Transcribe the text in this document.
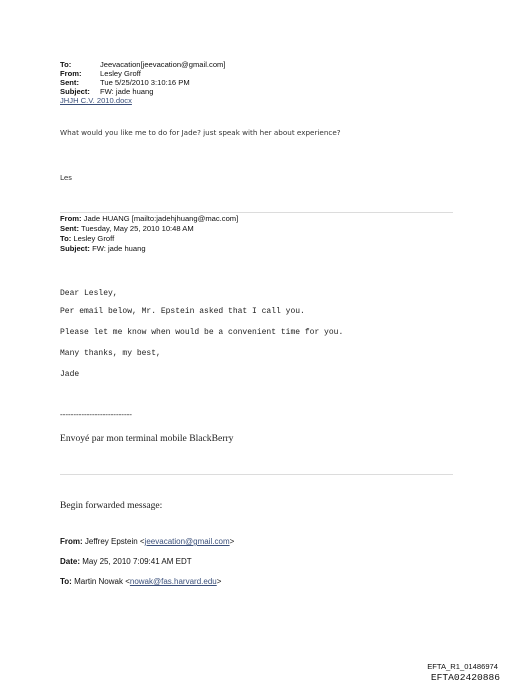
To:	Jeevacation[jeevacation@gmail.com]
From: Lesley Groff
Sent:	Tue 5/25/2010 3:10:16 PM
Subject: FW: jade huang
JHJH C.V. 2010.docx
What would you like me to do for Jade? just speak with her about experience?
Les
From: Jade HUANG [mailto:jadehjhuang@mac.com]
Sent: Tuesday, May 25, 2010 10:48 AM
To: Lesley Groff
Subject: FW: jade huang
Dear Lesley,
Per email below, Mr. Epstein asked that I call you.
Please let me know when would be a convenient time for you.
Many thanks, my best,
Jade
---------------------------
Envoyé par mon terminal mobile BlackBerry
Begin forwarded message:
From: Jeffrey Epstein <jeevacation@gmail.com>
Date: May 25, 2010 7:09:41 AM EDT
To: Martin Nowak <nowak@fas.harvard.edu>
EFTA_R1_01486974
EFTA02420886
